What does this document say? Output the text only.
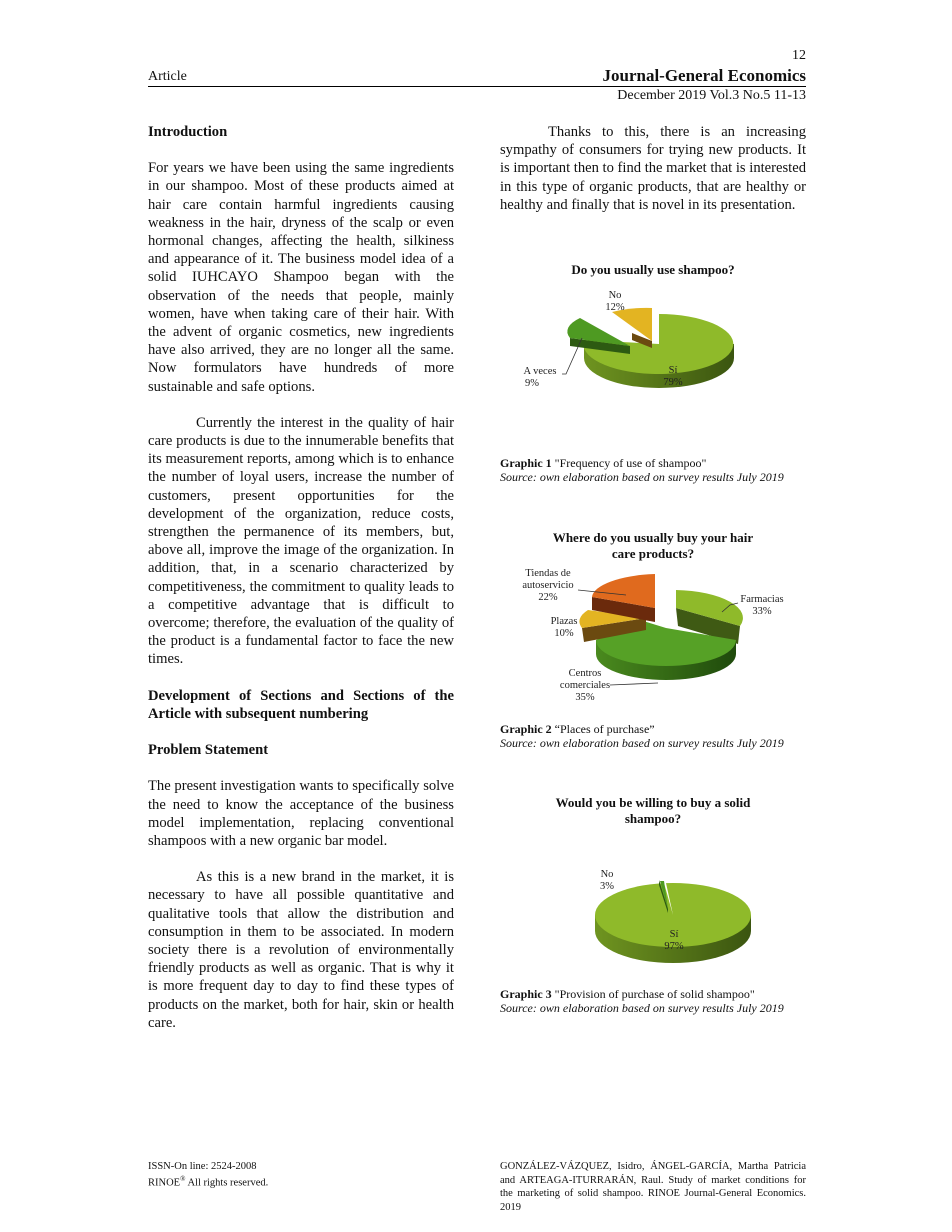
12
Article	Journal-General Economics
December 2019 Vol.3 No.5 11-13

Introduction

For years we have been using the same ingredients in our shampoo. Most of these products aimed at hair care contain harmful ingredients causing weakness in the hair, dryness of the scalp or even hormonal changes, affecting the health, silkiness and appearance of it. The business model idea of a solid IUHCAYO Shampoo began with the observation of the needs that people, mainly women, have when taking care of their hair. With the advent of organic cosmetics, new ingredients have also arrived, they are no longer all the same. Now formulators have hundreds of more sustainable and safe options.

Currently the interest in the quality of hair care products is due to the innumerable benefits that its measurement reports, among which is to enhance the number of loyal users, increase the number of customers, present opportunities for the development of the organization, reduce costs, strengthen the permanence of its members, but, above all, improve the image of the organization. In addition, that, in a scenario characterized by competitiveness, the commitment to quality leads to a competitive advantage that is difficult to overcome; therefore, the evaluation of the quality of the product is a fundamental factor to face the new times.

Development of Sections and Sections of the Article with subsequent numbering

Problem Statement

The present investigation wants to specifically solve the need to know the acceptance of the business model implementation, replacing conventional shampoos with a new organic bar model.

As this is a new brand in the market, it is necessary to have all possible quantitative and qualitative tools that allow the distribution and consumption in them to be associated. In modern society there is a revolution of environmentally friendly products as well as organic. That is why it is more frequent day to day to find these types of products on the market, both for hair, skin or health care.

Thanks to this, there is an increasing sympathy of consumers for trying new products. It is important then to find the market that is interested in this type of organic products, that are healthy or healthy and finally that is novel in its presentation.

Do you usually use shampoo?
No
12%
A veces
9%
Sí
79%
Graphic 1 "Frequency of use of shampoo"
Source: own elaboration based on survey results July 2019
Where do you usually buy your hair
care products?
Tiendas de
autoservicio
22%	Farmacias
33%
Plazas
10%
Centros
comerciales
35%
Graphic 2 “Places of purchase”
Source: own elaboration based on survey results July 2019
Would you be willing to buy a solid
shampoo?
No
3%
Sí
97%
Graphic 3 "Provision of purchase of solid shampoo"
Source: own elaboration based on survey results July 2019
ISSN-On line: 2524-2008
RINOE® All rights reserved.
GONZÁLEZ-VÁZQUEZ, Isidro, ÁNGEL-GARCÍA, Martha Patricia and ARTEAGA-ITURRARÁN, Raul. Study of market conditions for the marketing of solid shampoo. RINOE Journal-General Economics. 2019
